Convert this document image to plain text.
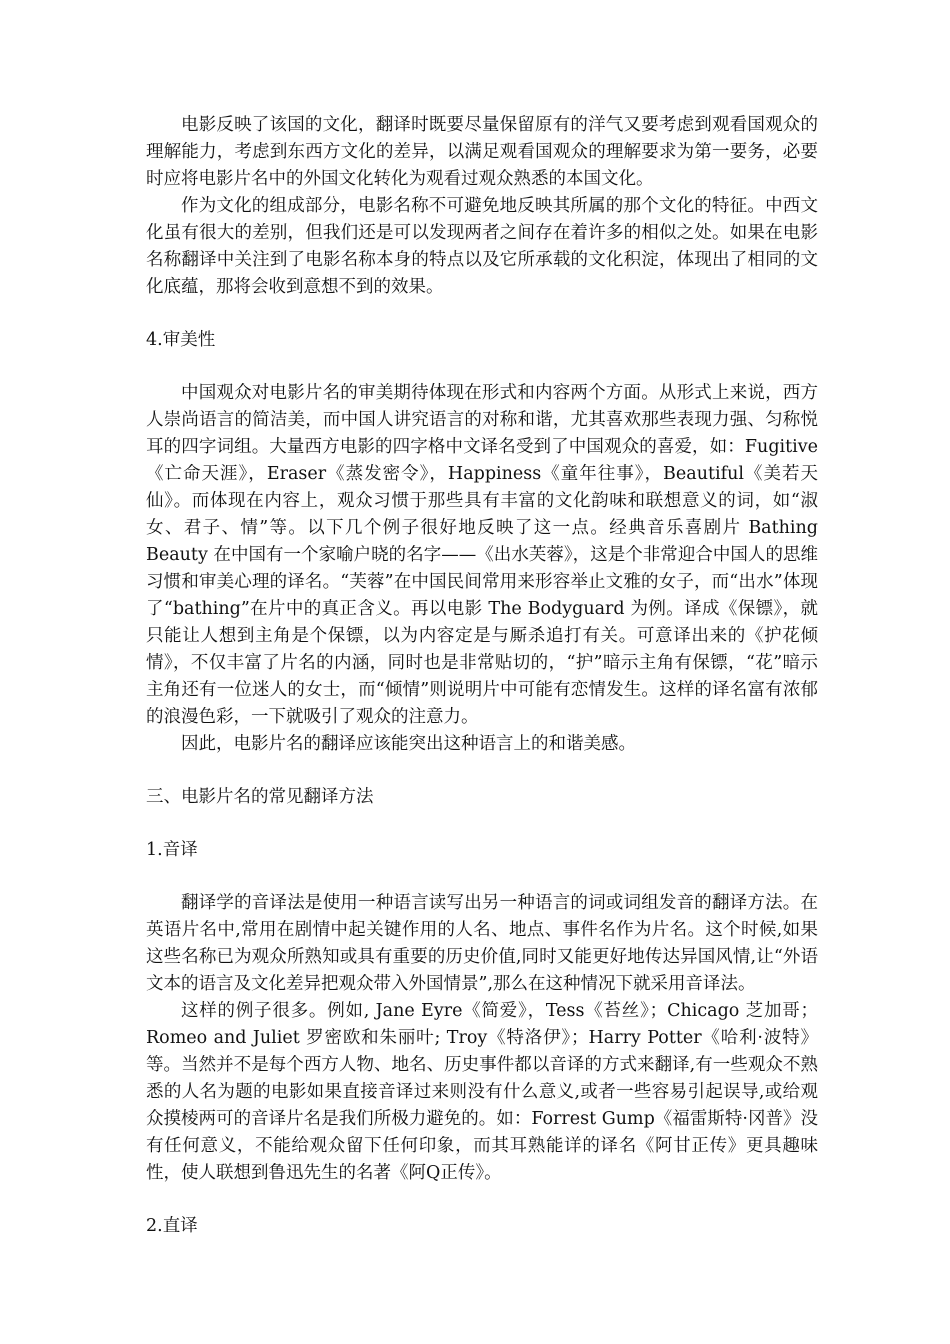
电影反映了该国的文化，翻译时既要尽量保留原有的洋气又要考虑到观看国观众的理解能力，考虑到东西方文化的差异，以满足观看国观众的理解要求为第一要务，必要时应将电影片名中的外国文化转化为观看过观众熟悉的本国文化。

作为文化的组成部分，电影名称不可避免地反映其所属的那个文化的特征。中西文化虽有很大的差别，但我们还是可以发现两者之间存在着许多的相似之处。如果在电影名称翻译中关注到了电影名称本身的特点以及它所承载的文化积淀，体现出了相同的文化底蕴，那将会收到意想不到的效果。

4.审美性

中国观众对电影片名的审美期待体现在形式和内容两个方面。从形式上来说，西方人崇尚语言的简洁美，而中国人讲究语言的对称和谐，尤其喜欢那些表现力强、匀称悦耳的四字词组。大量西方电影的四字格中文译名受到了中国观众的喜爱，如：Fugitive《亡命天涯》，Eraser《蒸发密令》，Happiness《童年往事》，Beautiful《美若天仙》。而体现在内容上，观众习惯于那些具有丰富的文化韵味和联想意义的词，如“淑女、君子、情”等。以下几个例子很好地反映了这一点。经典音乐喜剧片 Bathing Beauty 在中国有一个家喻户晓的名字——《出水芙蓉》，这是个非常迎合中国人的思维习惯和审美心理的译名。“芙蓉”在中国民间常用来形容举止文雅的女子，而“出水”体现了“bathing”在片中的真正含义。再以电影 The Bodyguard 为例。译成《保镖》，就只能让人想到主角是个保镖，以为内容定是与厮杀追打有关。可意译出来的《护花倾情》，不仅丰富了片名的内涵，同时也是非常贴切的，“护”暗示主角有保镖，“花”暗示主角还有一位迷人的女士，而“倾情”则说明片中可能有恋情发生。这样的译名富有浓郁的浪漫色彩，一下就吸引了观众的注意力。

因此，电影片名的翻译应该能突出这种语言上的和谐美感。

三、电影片名的常见翻译方法

1.音译

翻译学的音译法是使用一种语言读写出另一种语言的词或词组发音的翻译方法。在英语片名中,常用在剧情中起关键作用的人名、地点、事件名作为片名。这个时候,如果这些名称已为观众所熟知或具有重要的历史价值,同时又能更好地传达异国风情,让“外语文本的语言及文化差异把观众带入外国情景”,那么在这种情况下就采用音译法。

这样的例子很多。例如, Jane Eyre《简爱》，Tess《苔丝》；Chicago 芝加哥；Romeo and Juliet 罗密欧和朱丽叶; Troy《特洛伊》；Harry Potter《哈利·波特》等。当然并不是每个西方人物、地名、历史事件都以音译的方式来翻译,有一些观众不熟悉的人名为题的电影如果直接音译过来则没有什么意义,或者一些容易引起误导,或给观众摸棱两可的音译片名是我们所极力避免的。如：Forrest Gump《福雷斯特·冈普》没有任何意义，不能给观众留下任何印象，而其耳熟能详的译名《阿甘正传》更具趣味性，使人联想到鲁迅先生的名著《阿Q正传》。

2.直译
